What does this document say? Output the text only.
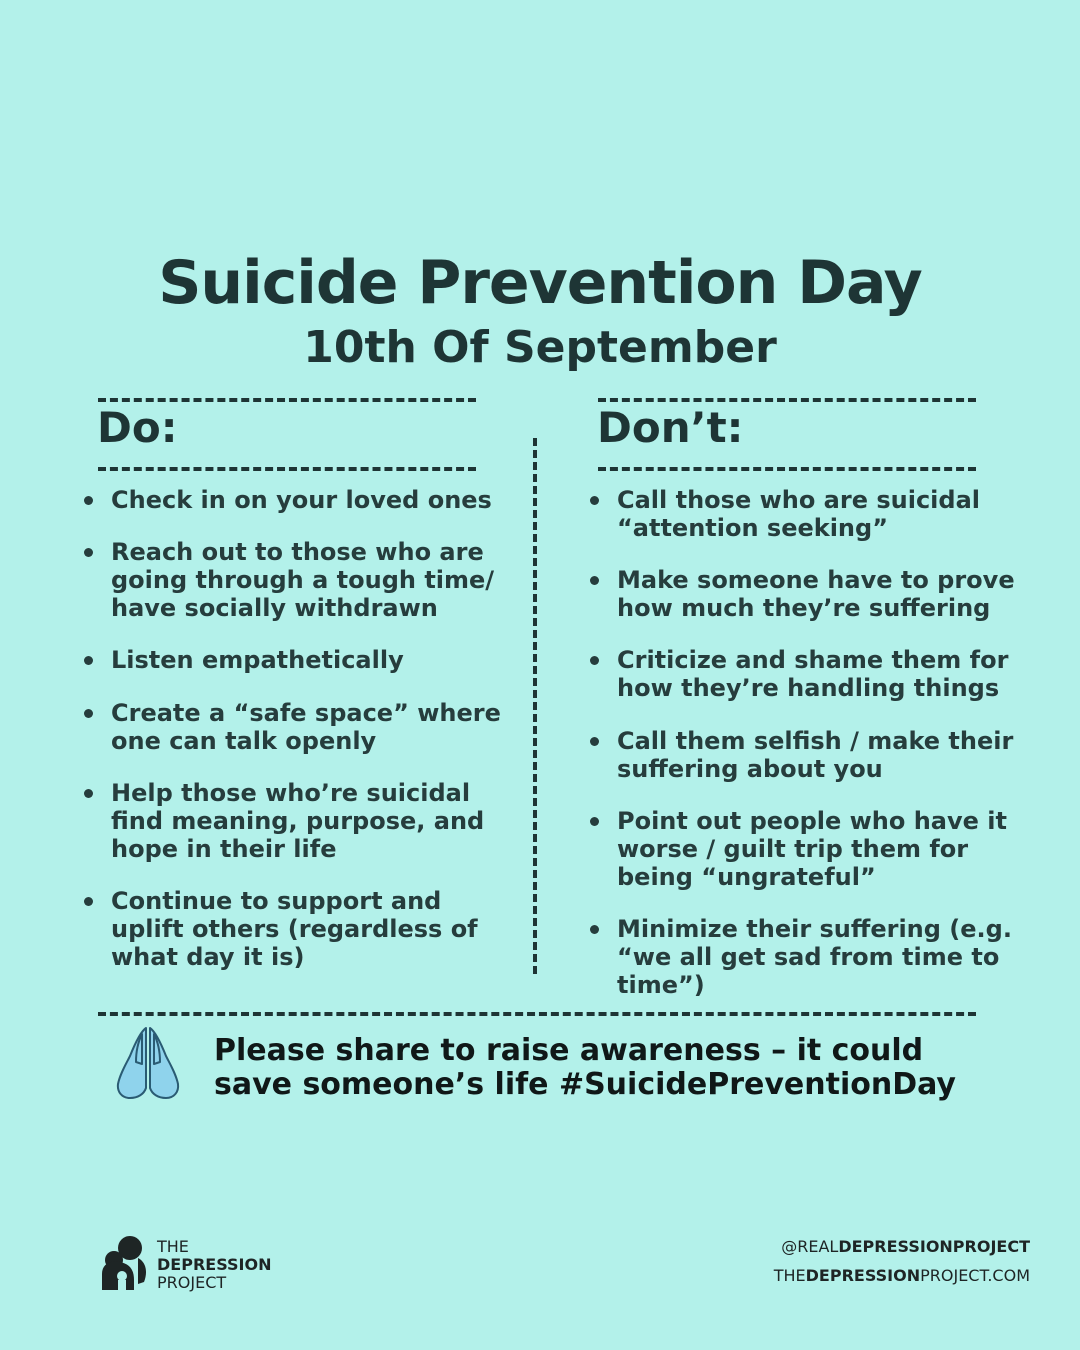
Suicide Prevention Day
10th Of September
Do:
Check in on your loved ones
Reach out to those who are going through a tough time/ have socially withdrawn
Listen empathetically
Create a “safe space” where one can talk openly
Help those who’re suicidal find meaning, purpose, and hope in their life
Continue to support and uplift others (regardless of what day it is)
Don’t:
Call those who are suicidal “attention seeking”
Make someone have to prove how much they’re suffering
Criticize and shame them for how they’re handling things
Call them selfish / make their suffering about you
Point out people who have it worse / guilt trip them for being “ungrateful”
Minimize their suffering (e.g. “we all get sad from time to time”)
Please share to raise awareness – it could
save someone’s life #SuicidePreventionDay
THE
DEPRESSION
PROJECT
@REALDEPRESSIONPROJECT
THEDEPRESSIONPROJECT.COM
